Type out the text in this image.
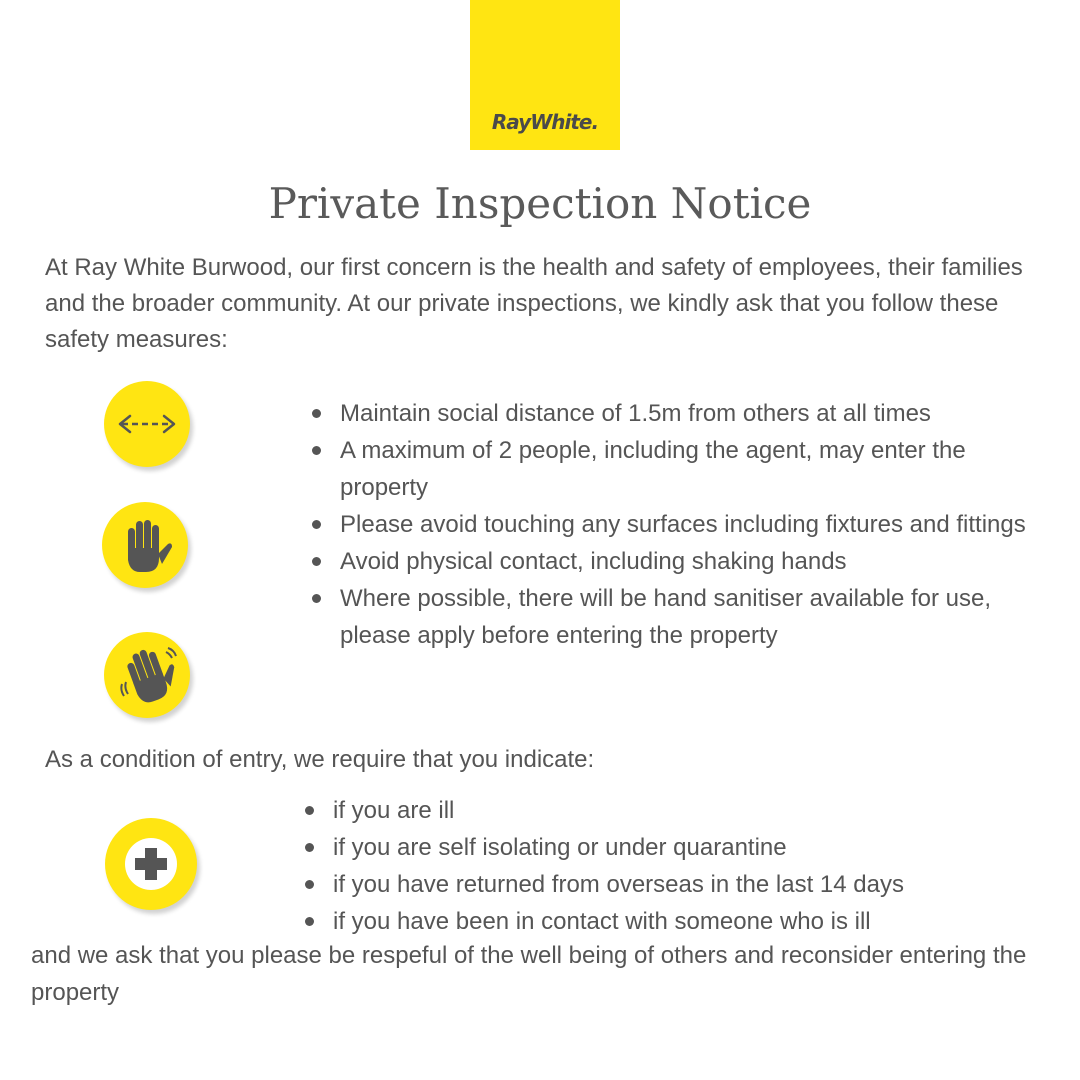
RayWhite.
Private Inspection Notice

At Ray White Burwood, our first concern is the health and safety of employees, their families and the broader community. At our private inspections, we kindly ask that you follow these safety measures:

Maintain social distance of 1.5m from others at all times
A maximum of 2 people, including the agent, may enter the property
Please avoid touching any surfaces including fixtures and fittings
Avoid physical contact, including shaking hands
Where possible, there will be hand sanitiser available for use, please apply before entering the property

As a condition of entry, we require that you indicate:

if you are ill
if you are self isolating or under quarantine
if you have returned from overseas in the last 14 days
if you have been in contact with someone who is ill

and we ask that you please be respeful of the well being of others and reconsider entering the property
